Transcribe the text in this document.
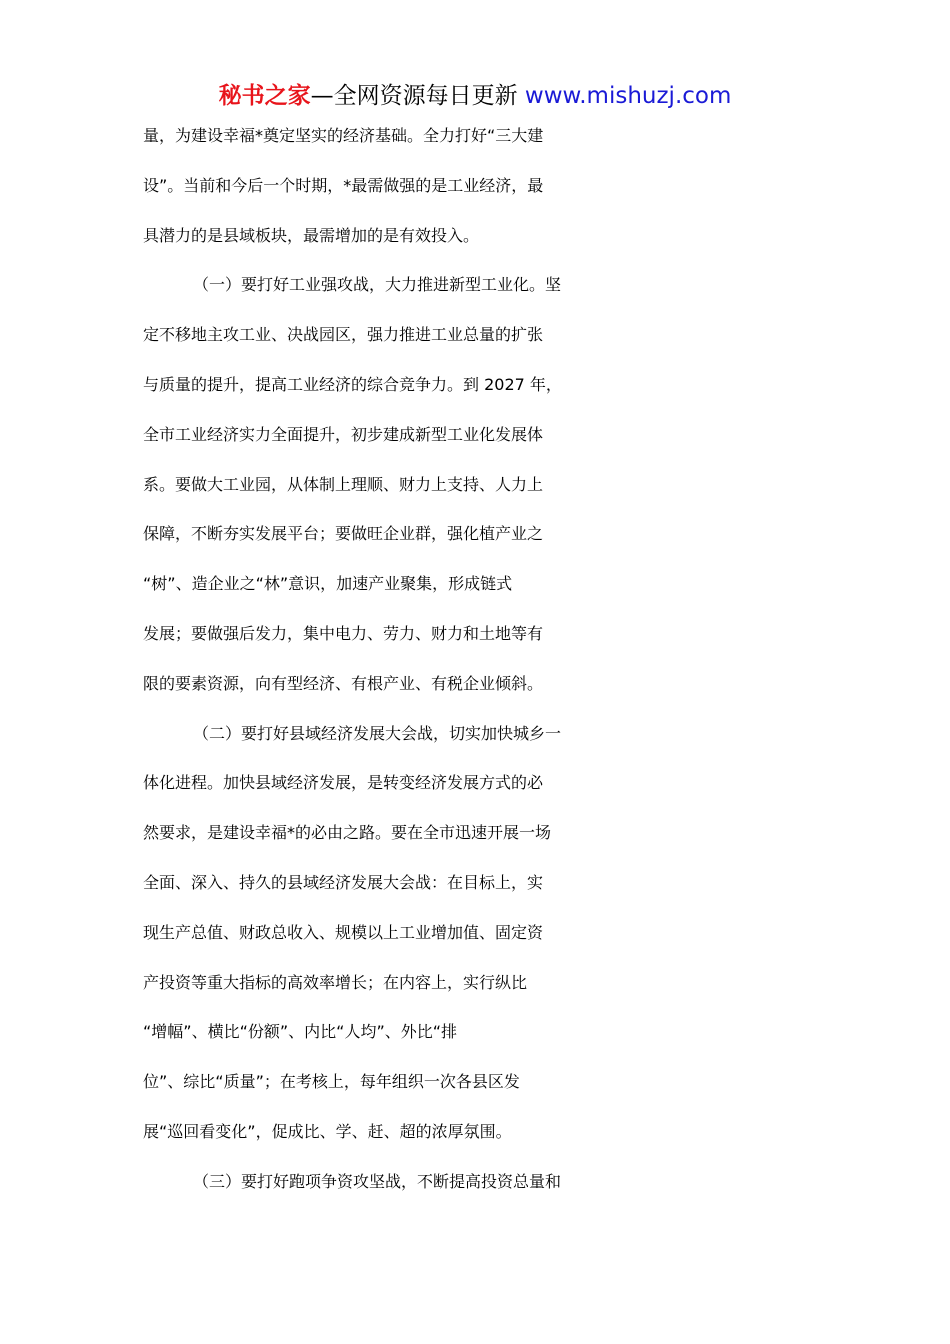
秘书之家—全网资源每日更新 www.mishuzj.com
量，为建设幸福*奠定坚实的经济基础。全力打好“三大建
设”。当前和今后一个时期，*最需做强的是工业经济，最
具潜力的是县域板块，最需增加的是有效投入。
（一）要打好工业强攻战，大力推进新型工业化。坚
定不移地主攻工业、决战园区，强力推进工业总量的扩张
与质量的提升，提高工业经济的综合竞争力。到 2027 年，
全市工业经济实力全面提升，初步建成新型工业化发展体
系。要做大工业园，从体制上理顺、财力上支持、人力上
保障，不断夯实发展平台；要做旺企业群，强化植产业之
“树”、造企业之“林”意识，加速产业聚集，形成链式
发展；要做强后发力，集中电力、劳力、财力和土地等有
限的要素资源，向有型经济、有根产业、有税企业倾斜。
（二）要打好县域经济发展大会战，切实加快城乡一
体化进程。加快县域经济发展，是转变经济发展方式的必
然要求，是建设幸福*的必由之路。要在全市迅速开展一场
全面、深入、持久的县域经济发展大会战：在目标上，实
现生产总值、财政总收入、规模以上工业增加值、固定资
产投资等重大指标的高效率增长；在内容上，实行纵比
“增幅”、横比“份额”、内比“人均”、外比“排
位”、综比“质量”；在考核上，每年组织一次各县区发
展“巡回看变化”，促成比、学、赶、超的浓厚氛围。
（三）要打好跑项争资攻坚战，不断提高投资总量和
